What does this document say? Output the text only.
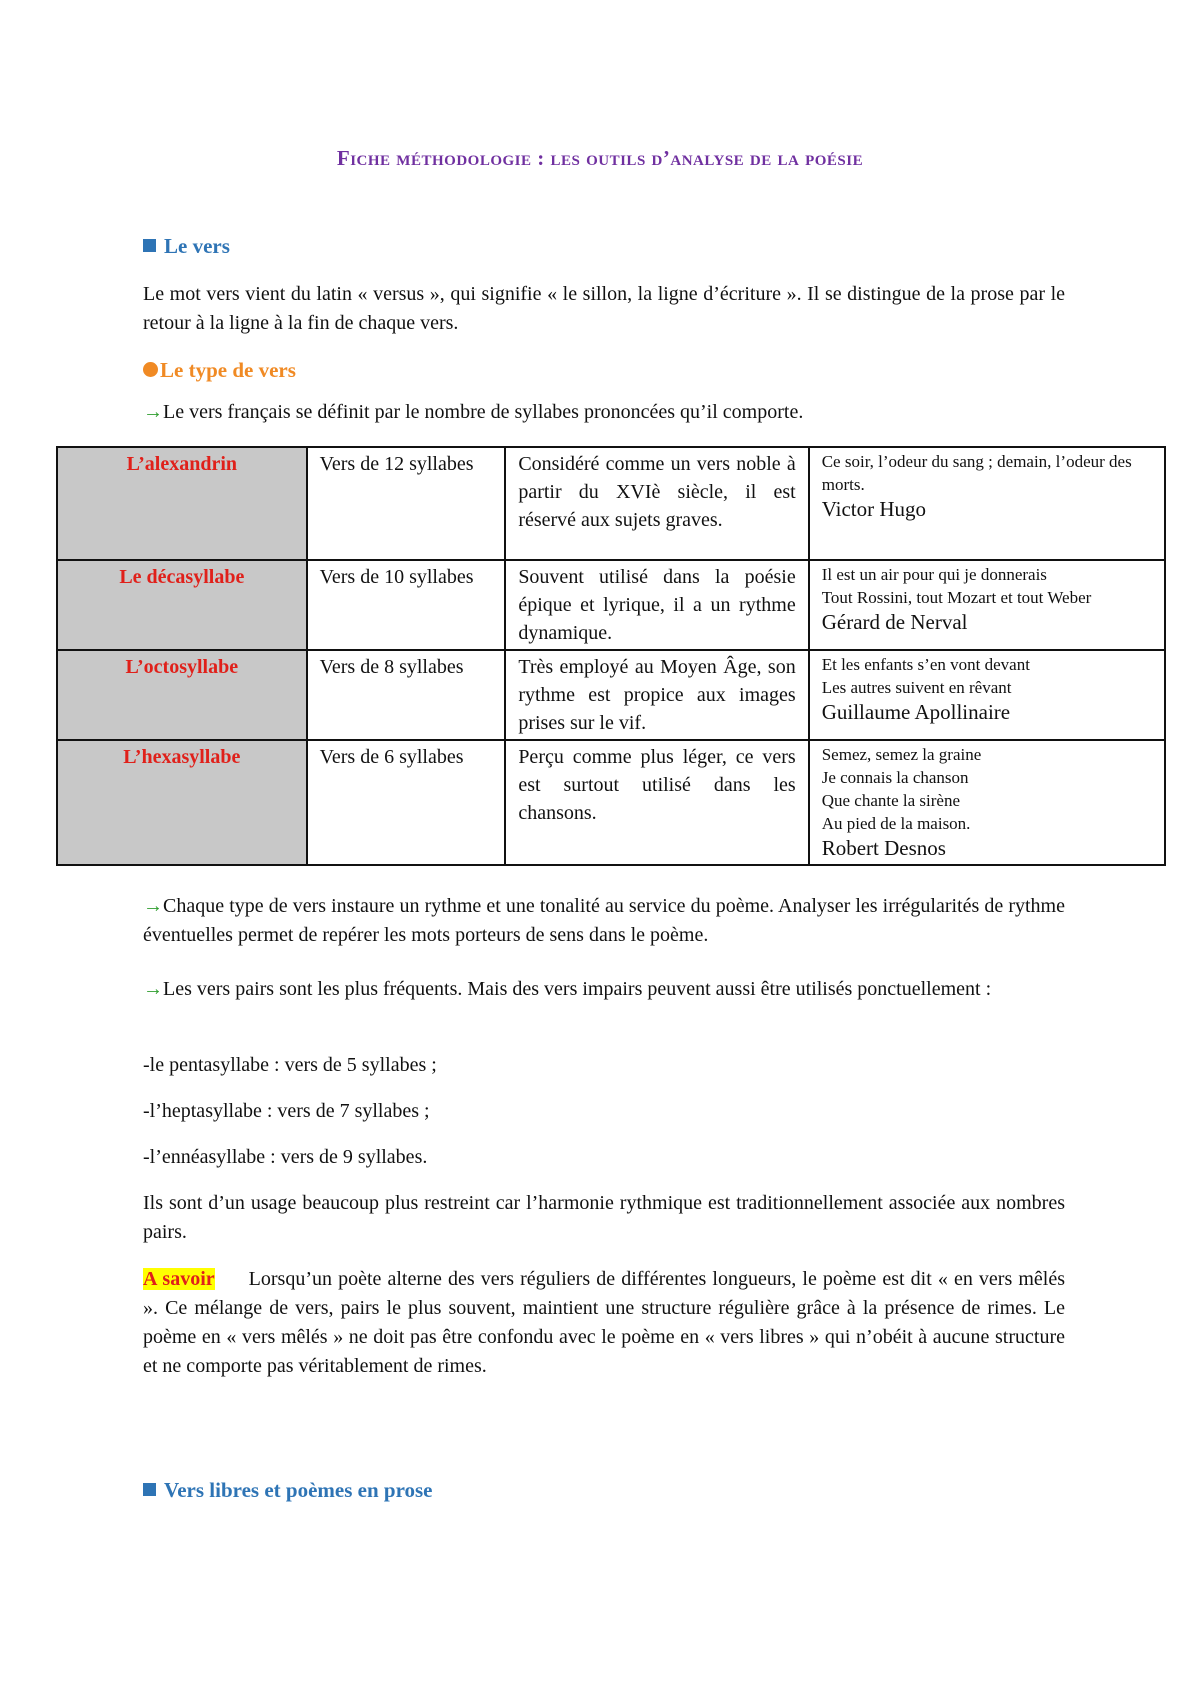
Fiche méthodologie : les outils d’analyse de la poésie
Le vers
Le mot vers vient du latin « versus », qui signifie « le sillon, la ligne d’écriture ». Il se distingue de la prose par le retour à la ligne à la fin de chaque vers.
Le type de vers
→Le vers français se définit par le nombre de syllabes prononcées qu’il comporte.
L’alexandrin	Vers de 12 syllabes	Considéré comme un vers noble à partir du XVIè siècle, il est réservé aux sujets graves.	Ce soir, l’odeur du sang ; demain, l’odeur des morts.
Victor Hugo

Le décasyllabe	Vers de 10 syllabes	Souvent utilisé dans la poésie épique et lyrique, il a un rythme dynamique.	Il est un air pour qui je donnerais
Tout Rossini, tout Mozart et tout Weber
Gérard de Nerval

L’octosyllabe	Vers de 8 syllabes	Très employé au Moyen Âge, son rythme est propice aux images prises sur le vif.	Et les enfants s’en vont devant
Les autres suivent en rêvant
Guillaume Apollinaire

L’hexasyllabe	Vers de 6 syllabes	Perçu comme plus léger, ce vers est surtout utilisé dans les chansons.	Semez, semez la graine
Je connais la chanson
Que chante la sirène
Au pied de la maison.
Robert Desnos
→Chaque type de vers instaure un rythme et une tonalité au service du poème. Analyser les irrégularités de rythme éventuelles permet de repérer les mots porteurs de sens dans le poème.
→Les vers pairs sont les plus fréquents. Mais des vers impairs peuvent aussi être utilisés ponctuellement :
-le pentasyllabe : vers de 5 syllabes ;
-l’heptasyllabe : vers de 7 syllabes ;
-l’ennéasyllabe : vers de 9 syllabes.
Ils sont d’un usage beaucoup plus restreint car l’harmonie rythmique est traditionnellement associée aux nombres pairs.
A savoir Lorsqu’un poète alterne des vers réguliers de différentes longueurs, le poème est dit « en vers mêlés ». Ce mélange de vers, pairs le plus souvent, maintient une structure régulière grâce à la présence de rimes. Le poème en « vers mêlés » ne doit pas être confondu avec le poème en « vers libres » qui n’obéit à aucune structure et ne comporte pas véritablement de rimes.
Vers libres et poèmes en prose
